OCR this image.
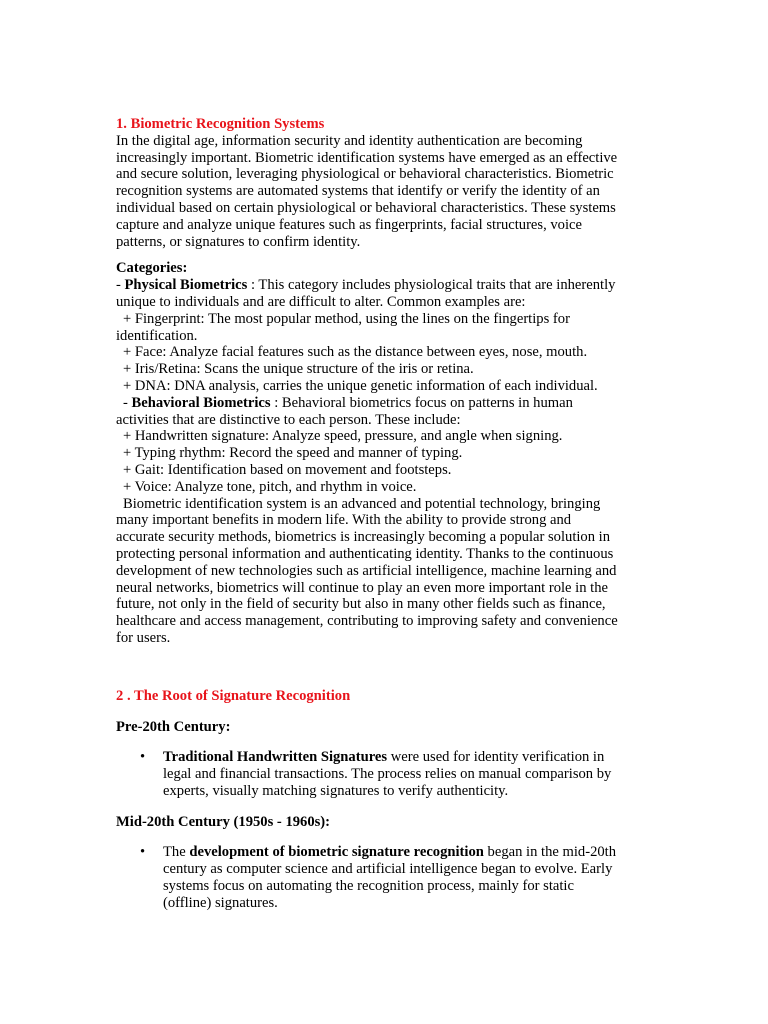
1. Biometric Recognition Systems
In the digital age, information security and identity authentication are becoming
increasingly important. Biometric identification systems have emerged as an effective
and secure solution, leveraging physiological or behavioral characteristics. Biometric
recognition systems are automated systems that identify or verify the identity of an
individual based on certain physiological or behavioral characteristics. These systems
capture and analyze unique features such as fingerprints, facial structures, voice
patterns, or signatures to confirm identity.
Categories:
- Physical Biometrics : This category includes physiological traits that are inherently
unique to individuals and are difficult to alter. Common examples are:
+ Fingerprint: The most popular method, using the lines on the fingertips for
identification.
+ Face: Analyze facial features such as the distance between eyes, nose, mouth.
+ Iris/Retina: Scans the unique structure of the iris or retina.
+ DNA: DNA analysis, carries the unique genetic information of each individual.
- Behavioral Biometrics : Behavioral biometrics focus on patterns in human
activities that are distinctive to each person. These include:
+ Handwritten signature: Analyze speed, pressure, and angle when signing.
+ Typing rhythm: Record the speed and manner of typing.
+ Gait: Identification based on movement and footsteps.
+ Voice: Analyze tone, pitch, and rhythm in voice.
Biometric identification system is an advanced and potential technology, bringing
many important benefits in modern life. With the ability to provide strong and
accurate security methods, biometrics is increasingly becoming a popular solution in
protecting personal information and authenticating identity. Thanks to the continuous
development of new technologies such as artificial intelligence, machine learning and
neural networks, biometrics will continue to play an even more important role in the
future, not only in the field of security but also in many other fields such as finance,
healthcare and access management, contributing to improving safety and convenience
for users.
2 . The Root of Signature Recognition
Pre-20th Century:
• Traditional Handwritten Signatures were used for identity verification in
legal and financial transactions. The process relies on manual comparison by
experts, visually matching signatures to verify authenticity.
Mid-20th Century (1950s - 1960s):
• The development of biometric signature recognition began in the mid-20th
century as computer science and artificial intelligence began to evolve. Early
systems focus on automating the recognition process, mainly for static
(offline) signatures.
